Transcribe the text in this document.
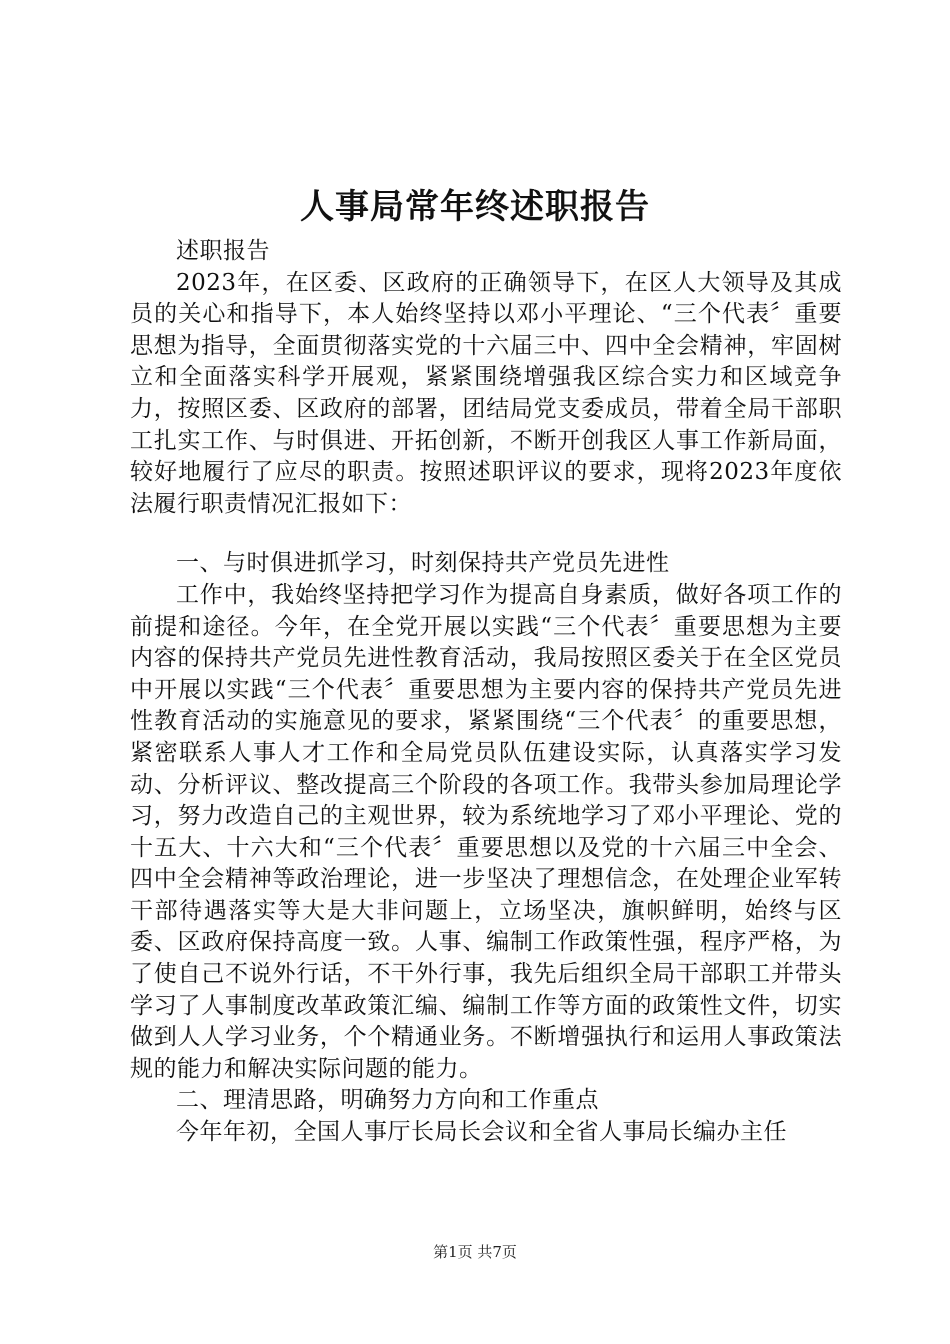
人事局常年终述职报告

述职报告

2023年，在区委、区政府的正确领导下，在区人大领导及其成员的关心和指导下，本人始终坚持以邓小平理论、“三个代表〞重要思想为指导，全面贯彻落实党的十六届三中、四中全会精神，牢固树立和全面落实科学开展观，紧紧围绕增强我区综合实力和区域竞争力，按照区委、区政府的部署，团结局党支委成员，带着全局干部职工扎实工作、与时俱进、开拓创新，不断开创我区人事工作新局面，较好地履行了应尽的职责。按照述职评议的要求，现将2023年度依法履行职责情况汇报如下：

一、与时俱进抓学习，时刻保持共产党员先进性

工作中，我始终坚持把学习作为提高自身素质，做好各项工作的前提和途径。今年，在全党开展以实践“三个代表〞重要思想为主要内容的保持共产党员先进性教育活动，我局按照区委关于在全区党员中开展以实践“三个代表〞重要思想为主要内容的保持共产党员先进性教育活动的实施意见的要求，紧紧围绕“三个代表〞的重要思想，紧密联系人事人才工作和全局党员队伍建设实际，认真落实学习发动、分析评议、整改提高三个阶段的各项工作。我带头参加局理论学习，努力改造自己的主观世界，较为系统地学习了邓小平理论、党的十五大、十六大和“三个代表〞重要思想以及党的十六届三中全会、四中全会精神等政治理论，进一步坚决了理想信念，在处理企业军转干部待遇落实等大是大非问题上，立场坚决，旗帜鲜明，始终与区委、区政府保持高度一致。人事、编制工作政策性强，程序严格，为了使自己不说外行话，不干外行事，我先后组织全局干部职工并带头学习了人事制度改革政策汇编、编制工作等方面的政策性文件，切实做到人人学习业务，个个精通业务。不断增强执行和运用人事政策法规的能力和解决实际问题的能力。

二、理清思路，明确努力方向和工作重点

今年年初，全国人事厅长局长会议和全省人事局长编办主任

第1页 共7页
